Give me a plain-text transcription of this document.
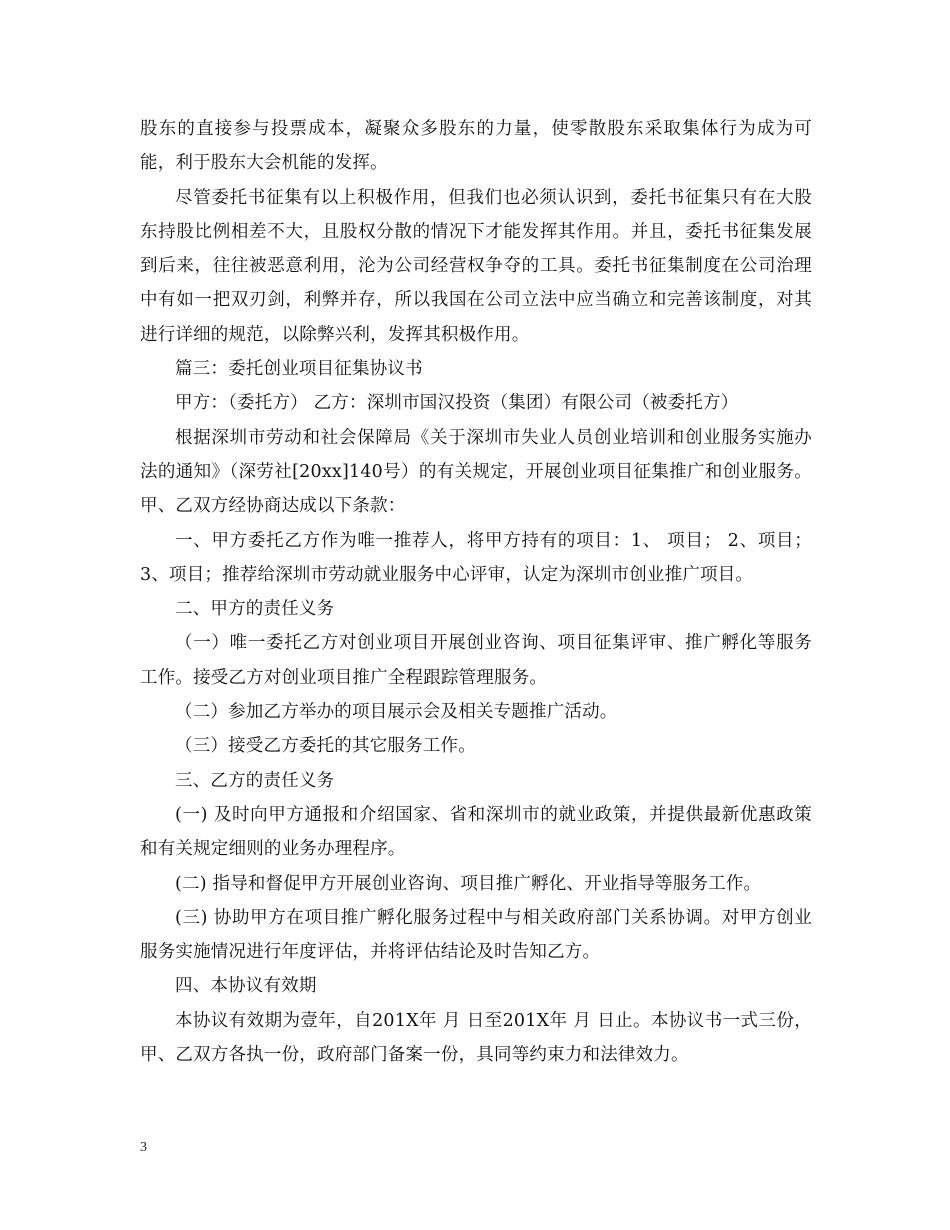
股东的直接参与投票成本，凝聚众多股东的力量，使零散股东采取集体行为成为可能，利于股东大会机能的发挥。

尽管委托书征集有以上积极作用，但我们也必须认识到，委托书征集只有在大股东持股比例相差不大，且股权分散的情况下才能发挥其作用。并且，委托书征集发展到后来，往往被恶意利用，沦为公司经营权争夺的工具。委托书征集制度在公司治理中有如一把双刃剑，利弊并存，所以我国在公司立法中应当确立和完善该制度，对其进行详细的规范，以除弊兴利，发挥其积极作用。

篇三：委托创业项目征集协议书

甲方：（委托方） 乙方：深圳市国汉投资（集团）有限公司（被委托方）

根据深圳市劳动和社会保障局《关于深圳市失业人员创业培训和创业服务实施办法的通知》（深劳社[20xx]140号）的有关规定，开展创业项目征集推广和创业服务。甲、乙双方经协商达成以下条款：

一、甲方委托乙方作为唯一推荐人，将甲方持有的项目：1、 项目； 2、项目；3、项目；推荐给深圳市劳动就业服务中心评审，认定为深圳市创业推广项目。

二、甲方的责任义务

（一）唯一委托乙方对创业项目开展创业咨询、项目征集评审、推广孵化等服务工作。接受乙方对创业项目推广全程跟踪管理服务。

（二）参加乙方举办的项目展示会及相关专题推广活动。

（三）接受乙方委托的其它服务工作。

三、乙方的责任义务

(一) 及时向甲方通报和介绍国家、省和深圳市的就业政策，并提供最新优惠政策和有关规定细则的业务办理程序。

(二) 指导和督促甲方开展创业咨询、项目推广孵化、开业指导等服务工作。

(三) 协助甲方在项目推广孵化服务过程中与相关政府部门关系协调。对甲方创业服务实施情况进行年度评估，并将评估结论及时告知乙方。

四、本协议有效期

本协议有效期为壹年，自201X年 月 日至201X年 月 日止。本协议书一式三份，甲、乙双方各执一份，政府部门备案一份，具同等约束力和法律效力。

3
